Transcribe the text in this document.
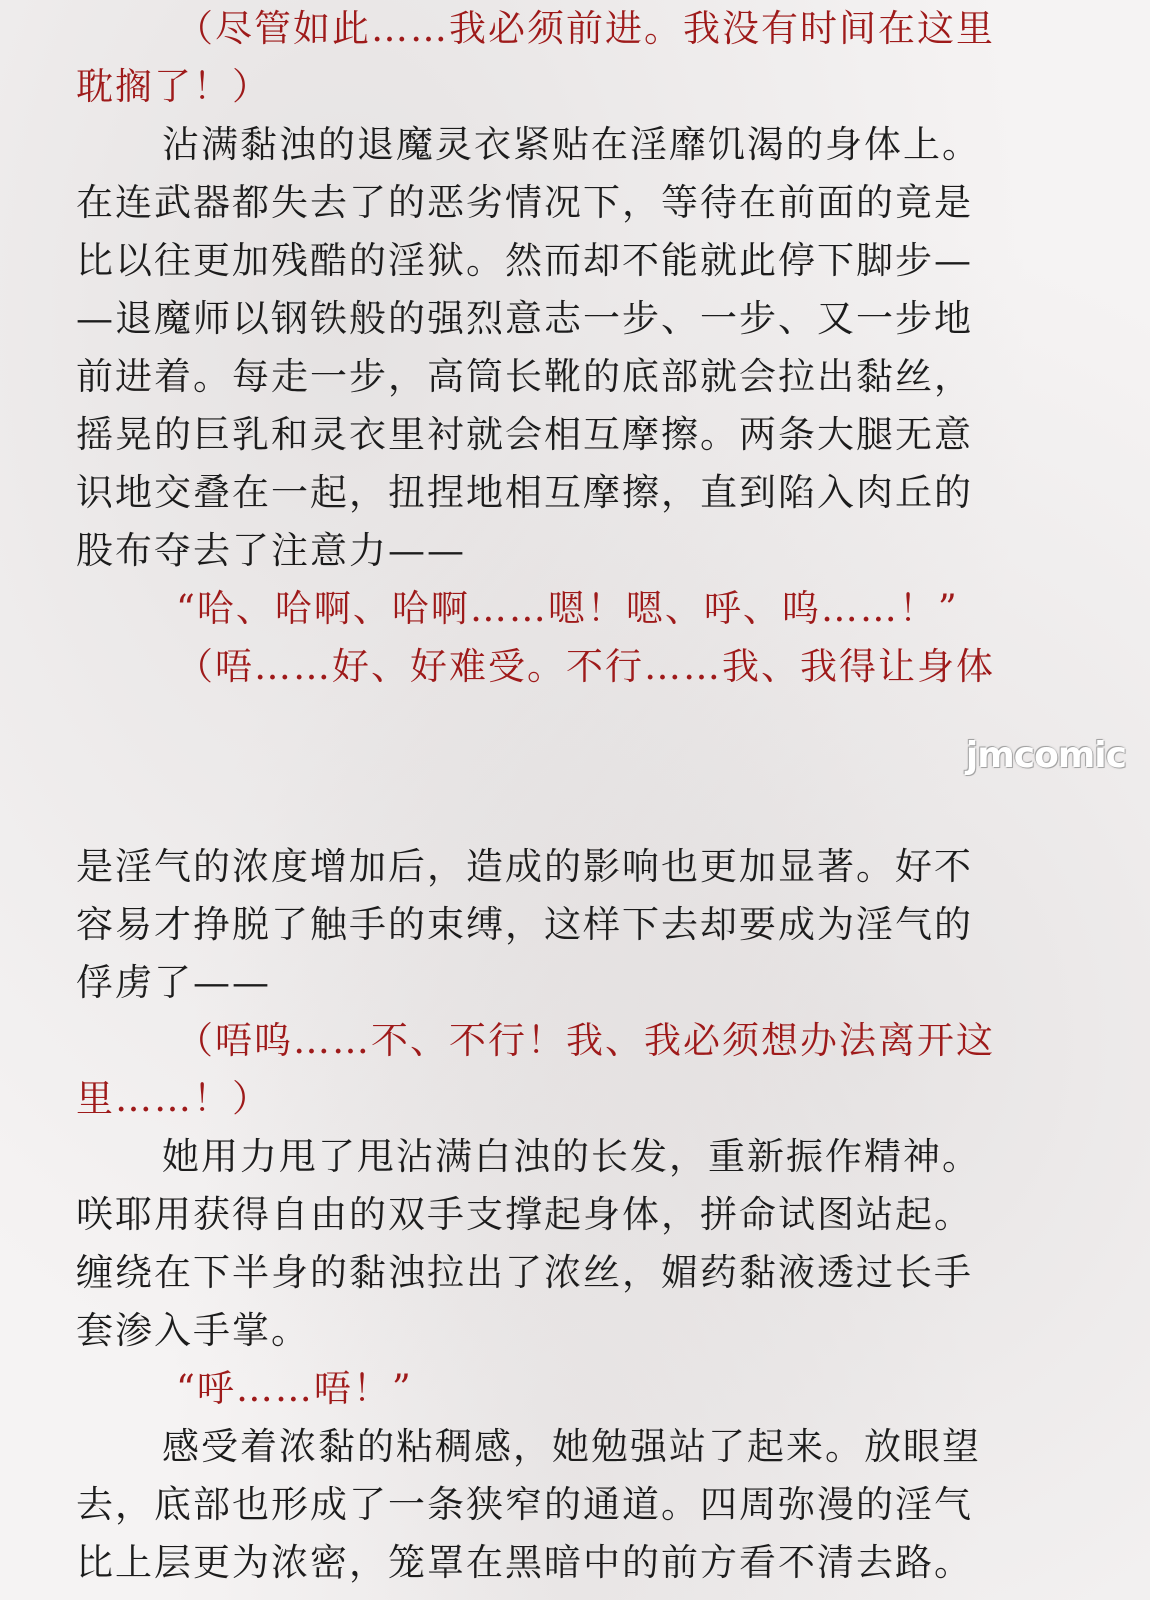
（尽管如此……我必须前进。我没有时间在这里
耽搁了！）
沾满黏浊的退魔灵衣紧贴在淫靡饥渴的身体上。
在连武器都失去了的恶劣情况下，等待在前面的竟是
比以往更加残酷的淫狱。然而却不能就此停下脚步—
—退魔师以钢铁般的强烈意志一步、一步、又一步地
前进着。每走一步，高筒长靴的底部就会拉出黏丝，
摇晃的巨乳和灵衣里衬就会相互摩擦。两条大腿无意
识地交叠在一起，扭捏地相互摩擦，直到陷入肉丘的
股布夺去了注意力——
“哈、哈啊、哈啊……嗯！嗯、呼、呜……！”
（唔……好、好难受。不行……我、我得让身体
jmcomic
是淫气的浓度增加后，造成的影响也更加显著。好不
容易才挣脱了触手的束缚，这样下去却要成为淫气的
俘虏了——
（唔呜……不、不行！我、我必须想办法离开这
里……！）
她用力甩了甩沾满白浊的长发，重新振作精神。
咲耶用获得自由的双手支撑起身体，拼命试图站起。
缠绕在下半身的黏浊拉出了浓丝，媚药黏液透过长手
套渗入手掌。
“呼……唔！”
感受着浓黏的粘稠感，她勉强站了起来。放眼望
去，底部也形成了一条狭窄的通道。四周弥漫的淫气
比上层更为浓密，笼罩在黑暗中的前方看不清去路。
